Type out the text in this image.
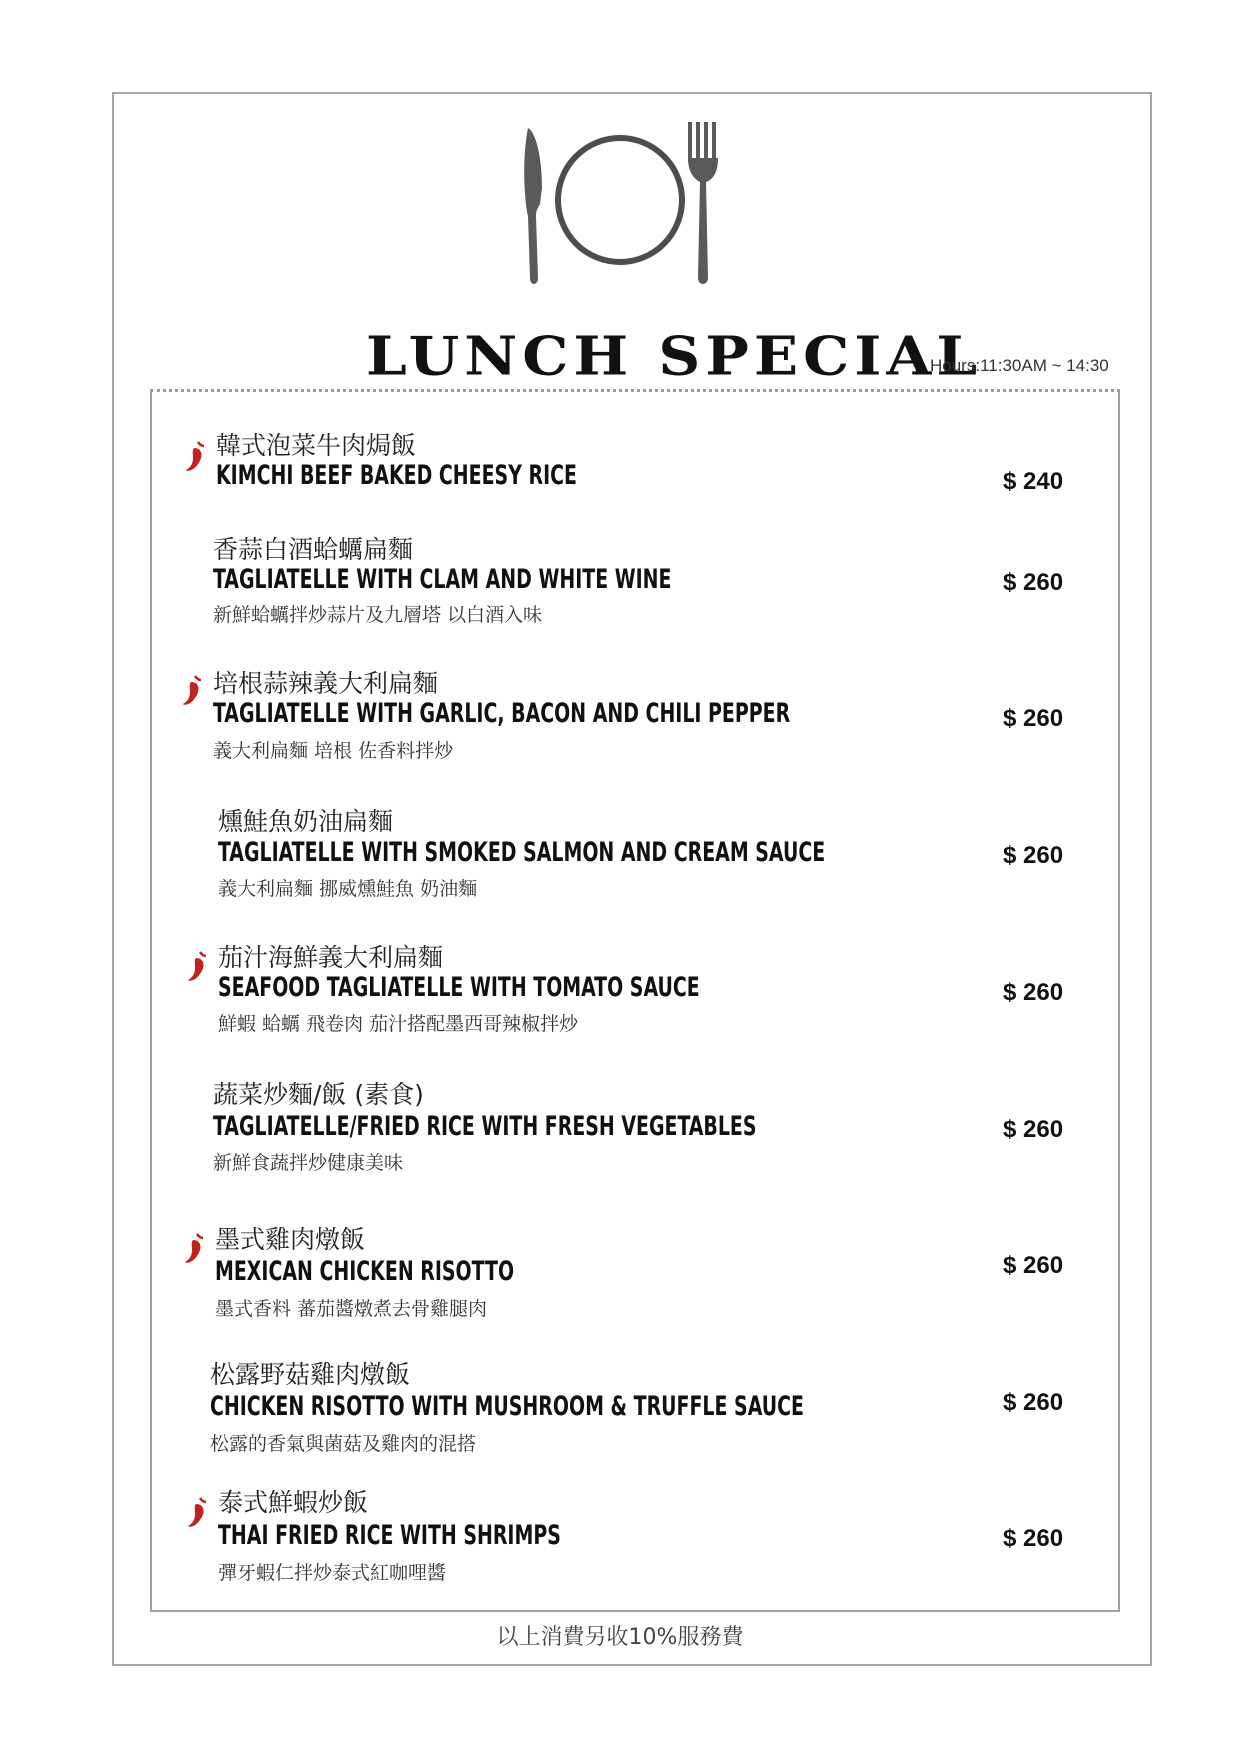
LUNCH SPECIAL
Hours:11:30AM ~ 14:30
韓式泡菜牛肉焗飯
KIMCHI BEEF BAKED CHEESY RICE	$ 240
香蒜白酒蛤蠣扁麵
TAGLIATELLE WITH CLAM AND WHITE WINE
新鮮蛤蠣拌炒蒜片及九層塔 以白酒入味
$ 260
培根蒜辣義大利扁麵
TAGLIATELLE WITH GARLIC, BACON AND CHILI PEPPER
義大利扁麵 培根 佐香料拌炒
$ 260
燻鮭魚奶油扁麵
TAGLIATELLE WITH SMOKED SALMON AND CREAM SAUCE
義大利扁麵 挪威燻鮭魚 奶油麵
$ 260
茄汁海鮮義大利扁麵
SEAFOOD TAGLIATELLE WITH TOMATO SAUCE
鮮蝦 蛤蠣 飛卷肉 茄汁搭配墨西哥辣椒拌炒
$ 260
蔬菜炒麵/飯 (素食)
TAGLIATELLE/FRIED RICE WITH FRESH VEGETABLES
新鮮食蔬拌炒健康美味
$ 260
墨式雞肉燉飯
MEXICAN CHICKEN RISOTTO
墨式香料 蕃茄醬燉煮去骨雞腿肉
$ 260
松露野菇雞肉燉飯
CHICKEN RISOTTO WITH MUSHROOM & TRUFFLE SAUCE
松露的香氣與菌菇及雞肉的混搭
$ 260
泰式鮮蝦炒飯
THAI FRIED RICE WITH SHRIMPS
彈牙蝦仁拌炒泰式紅咖哩醬
$ 260
以上消費另收10%服務費
